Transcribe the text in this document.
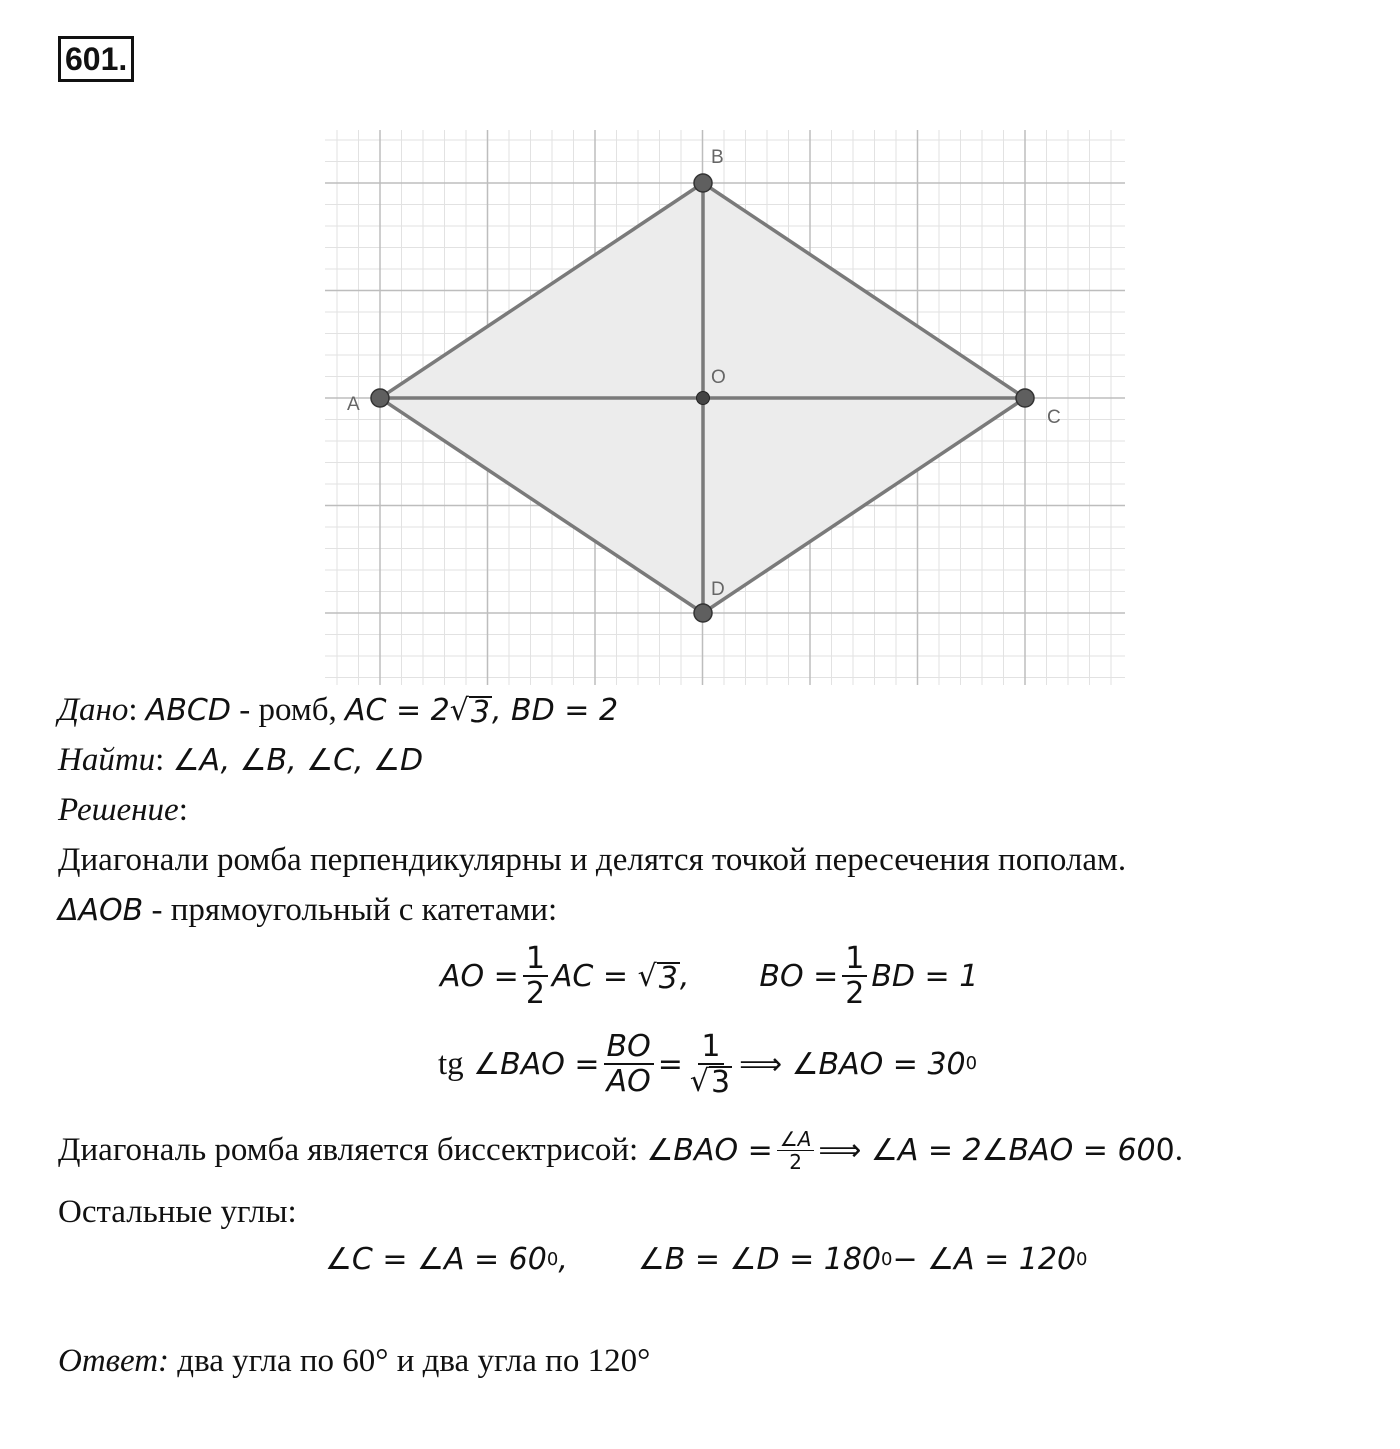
601.
A
B
C
D
O
Дано: ABCD - ромб, AC = 2 √ 3 , BD = 2
Найти: ∠A, ∠B, ∠C, ∠D
Решение:
Диагонали ромба перпендикулярны и делятся точкой пересечения пополам.
ΔAOB - прямоугольный с катетами:
AO = $\frac{1}{2}$ AC =
√ 3 , BO = $\frac{1}{2}$ BD = 1
tg
∠BAO = $\frac{BO}{AO} = \frac{1}{√ 3}$ ⟹ ∠BAO = 30 0
Диагональ ромба является биссектрисой:
∠BAO = $\frac{\angle A}{2}$ ⟹ ∠A = 2∠BAO = 60 0 .
Остальные углы:
∠C = ∠A = 60 0 , ∠B = ∠D = 180 0 − ∠A = 120 0
Ответ: два угла по 60° и два угла по 120°
